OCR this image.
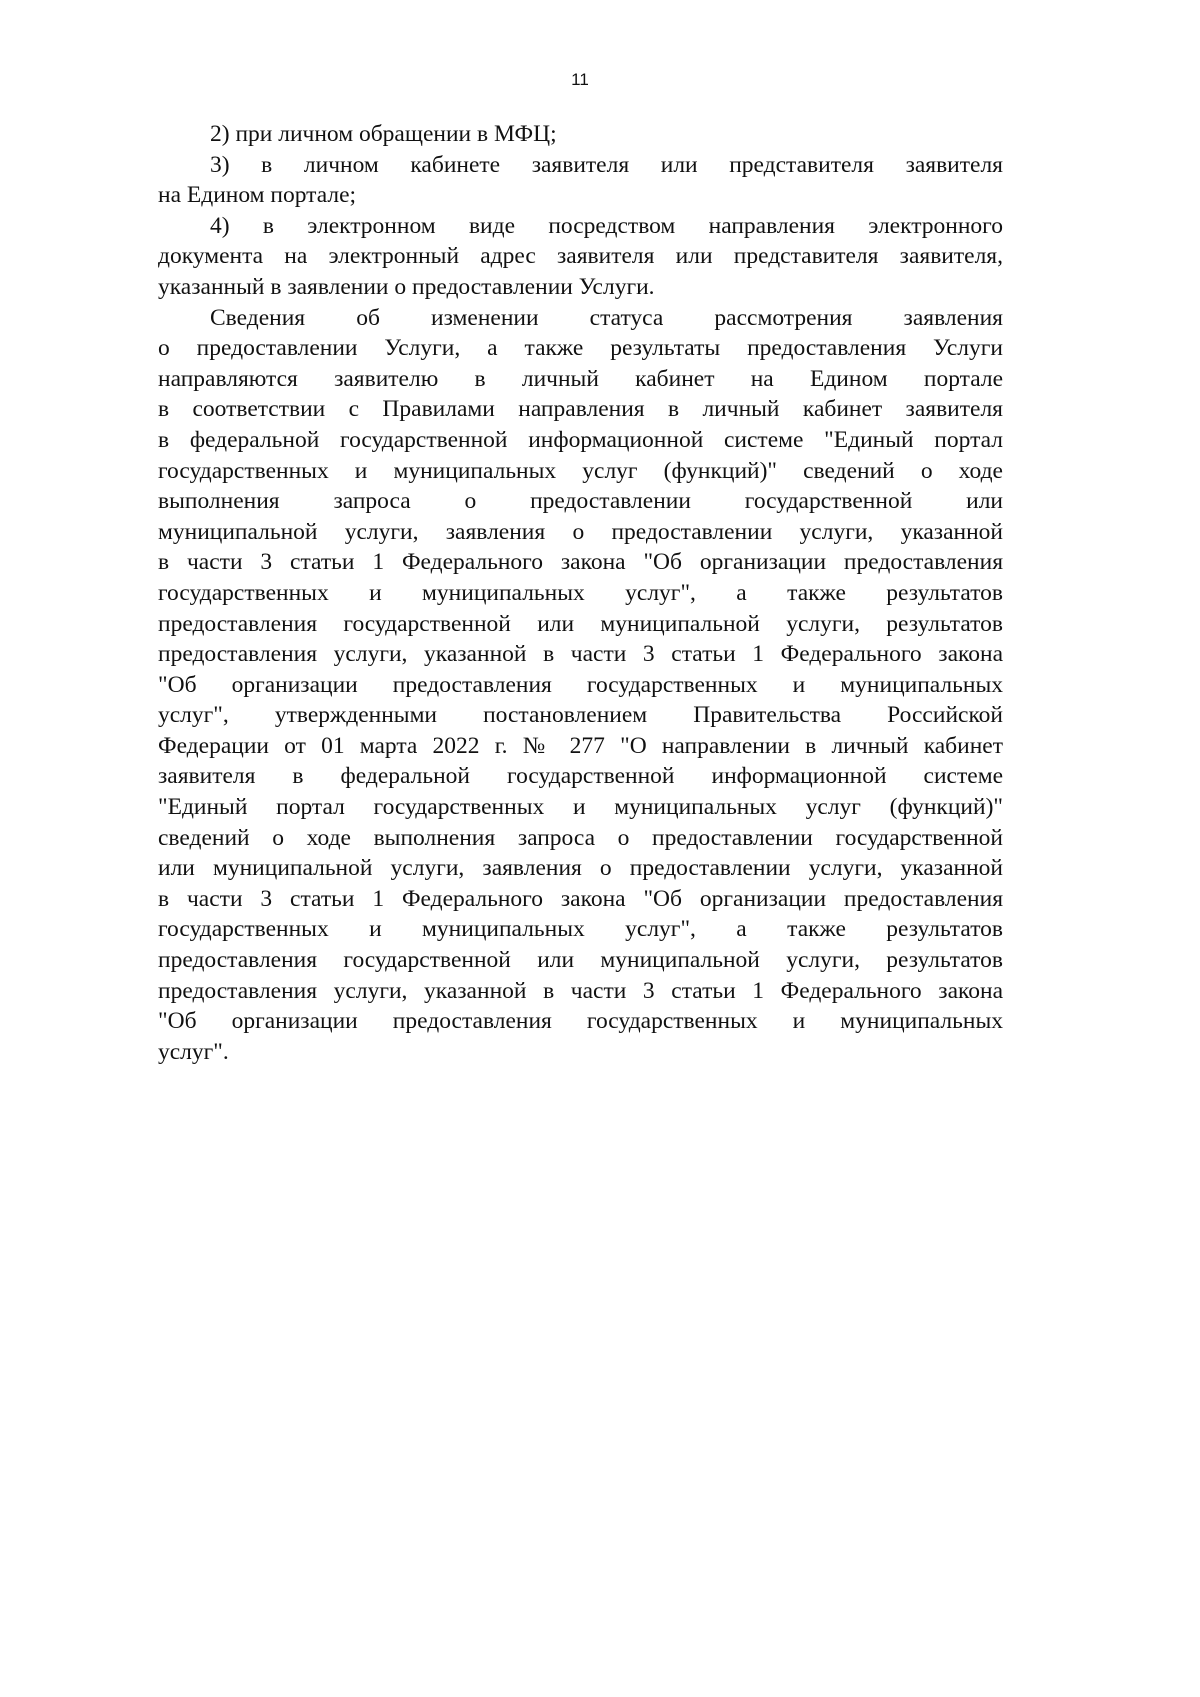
11
2) при личном обращении в МФЦ;
3) в личном кабинете заявителя или представителя заявителя
на Едином портале;
4) в электронном виде посредством направления электронного
документа на электронный адрес заявителя или представителя заявителя,
указанный в заявлении о предоставлении Услуги.
Сведения об изменении статуса рассмотрения заявления
о предоставлении Услуги, а также результаты предоставления Услуги
направляются заявителю в личный кабинет на Едином портале
в соответствии с Правилами направления в личный кабинет заявителя
в федеральной государственной информационной системе "Единый портал
государственных и муниципальных услуг (функций)" сведений о ходе
выполнения запроса о предоставлении государственной или
муниципальной услуги, заявления о предоставлении услуги, указанной
в части 3 статьи 1 Федерального закона "Об организации предоставления
государственных и муниципальных услуг", а также результатов
предоставления государственной или муниципальной услуги, результатов
предоставления услуги, указанной в части 3 статьи 1 Федерального закона
"Об организации предоставления государственных и муниципальных
услуг", утвержденными постановлением Правительства Российской
Федерации от 01 марта 2022 г. № 277 "О направлении в личный кабинет
заявителя в федеральной государственной информационной системе
"Единый портал государственных и муниципальных услуг (функций)"
сведений о ходе выполнения запроса о предоставлении государственной
или муниципальной услуги, заявления о предоставлении услуги, указанной
в части 3 статьи 1 Федерального закона "Об организации предоставления
государственных и муниципальных услуг", а также результатов
предоставления государственной или муниципальной услуги, результатов
предоставления услуги, указанной в части 3 статьи 1 Федерального закона
"Об организации предоставления государственных и муниципальных
услуг".
